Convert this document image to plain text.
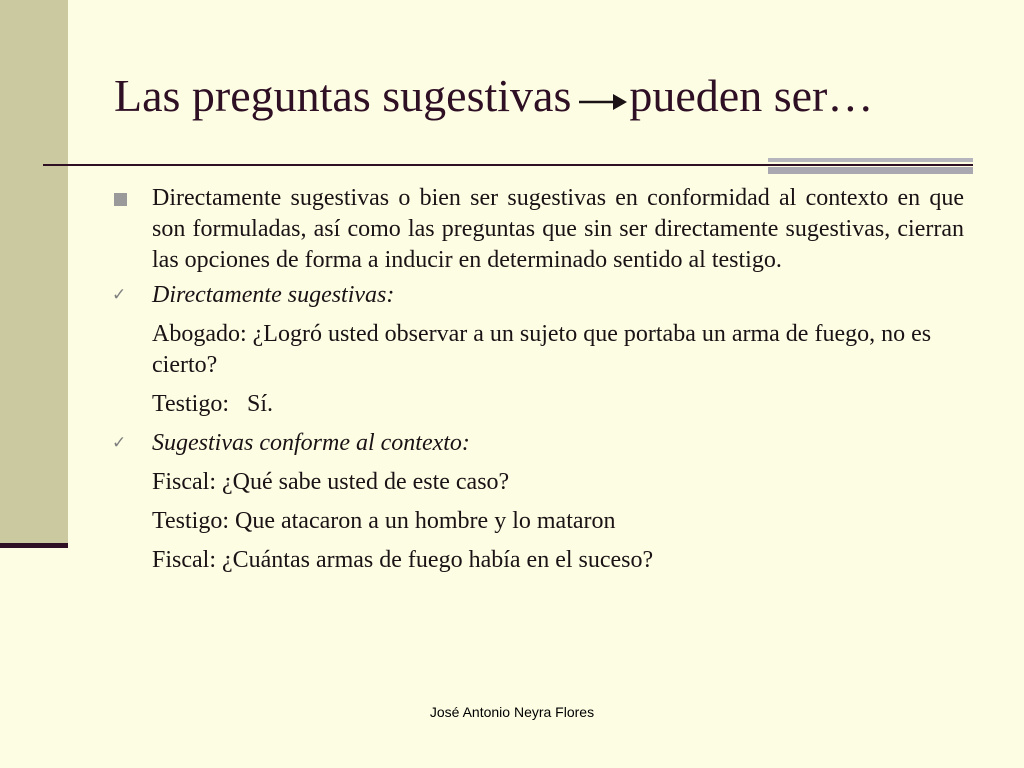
Las preguntas sugestivas pueden ser…
Directamente sugestivas o bien ser sugestivas en conformidad al contexto en que son formuladas, así como las preguntas que sin ser directamente sugestivas, cierran las opciones de forma a inducir en determinado sentido al testigo.
✓ Directamente sugestivas:
Abogado: ¿Logró usted observar a un sujeto que portaba un arma de fuego, no es cierto?
Testigo:   Sí.
✓ Sugestivas conforme al contexto:
Fiscal: ¿Qué sabe usted de este caso?
Testigo: Que atacaron a un hombre y lo mataron
Fiscal: ¿Cuántas armas de fuego había en el suceso?
José Antonio Neyra Flores
